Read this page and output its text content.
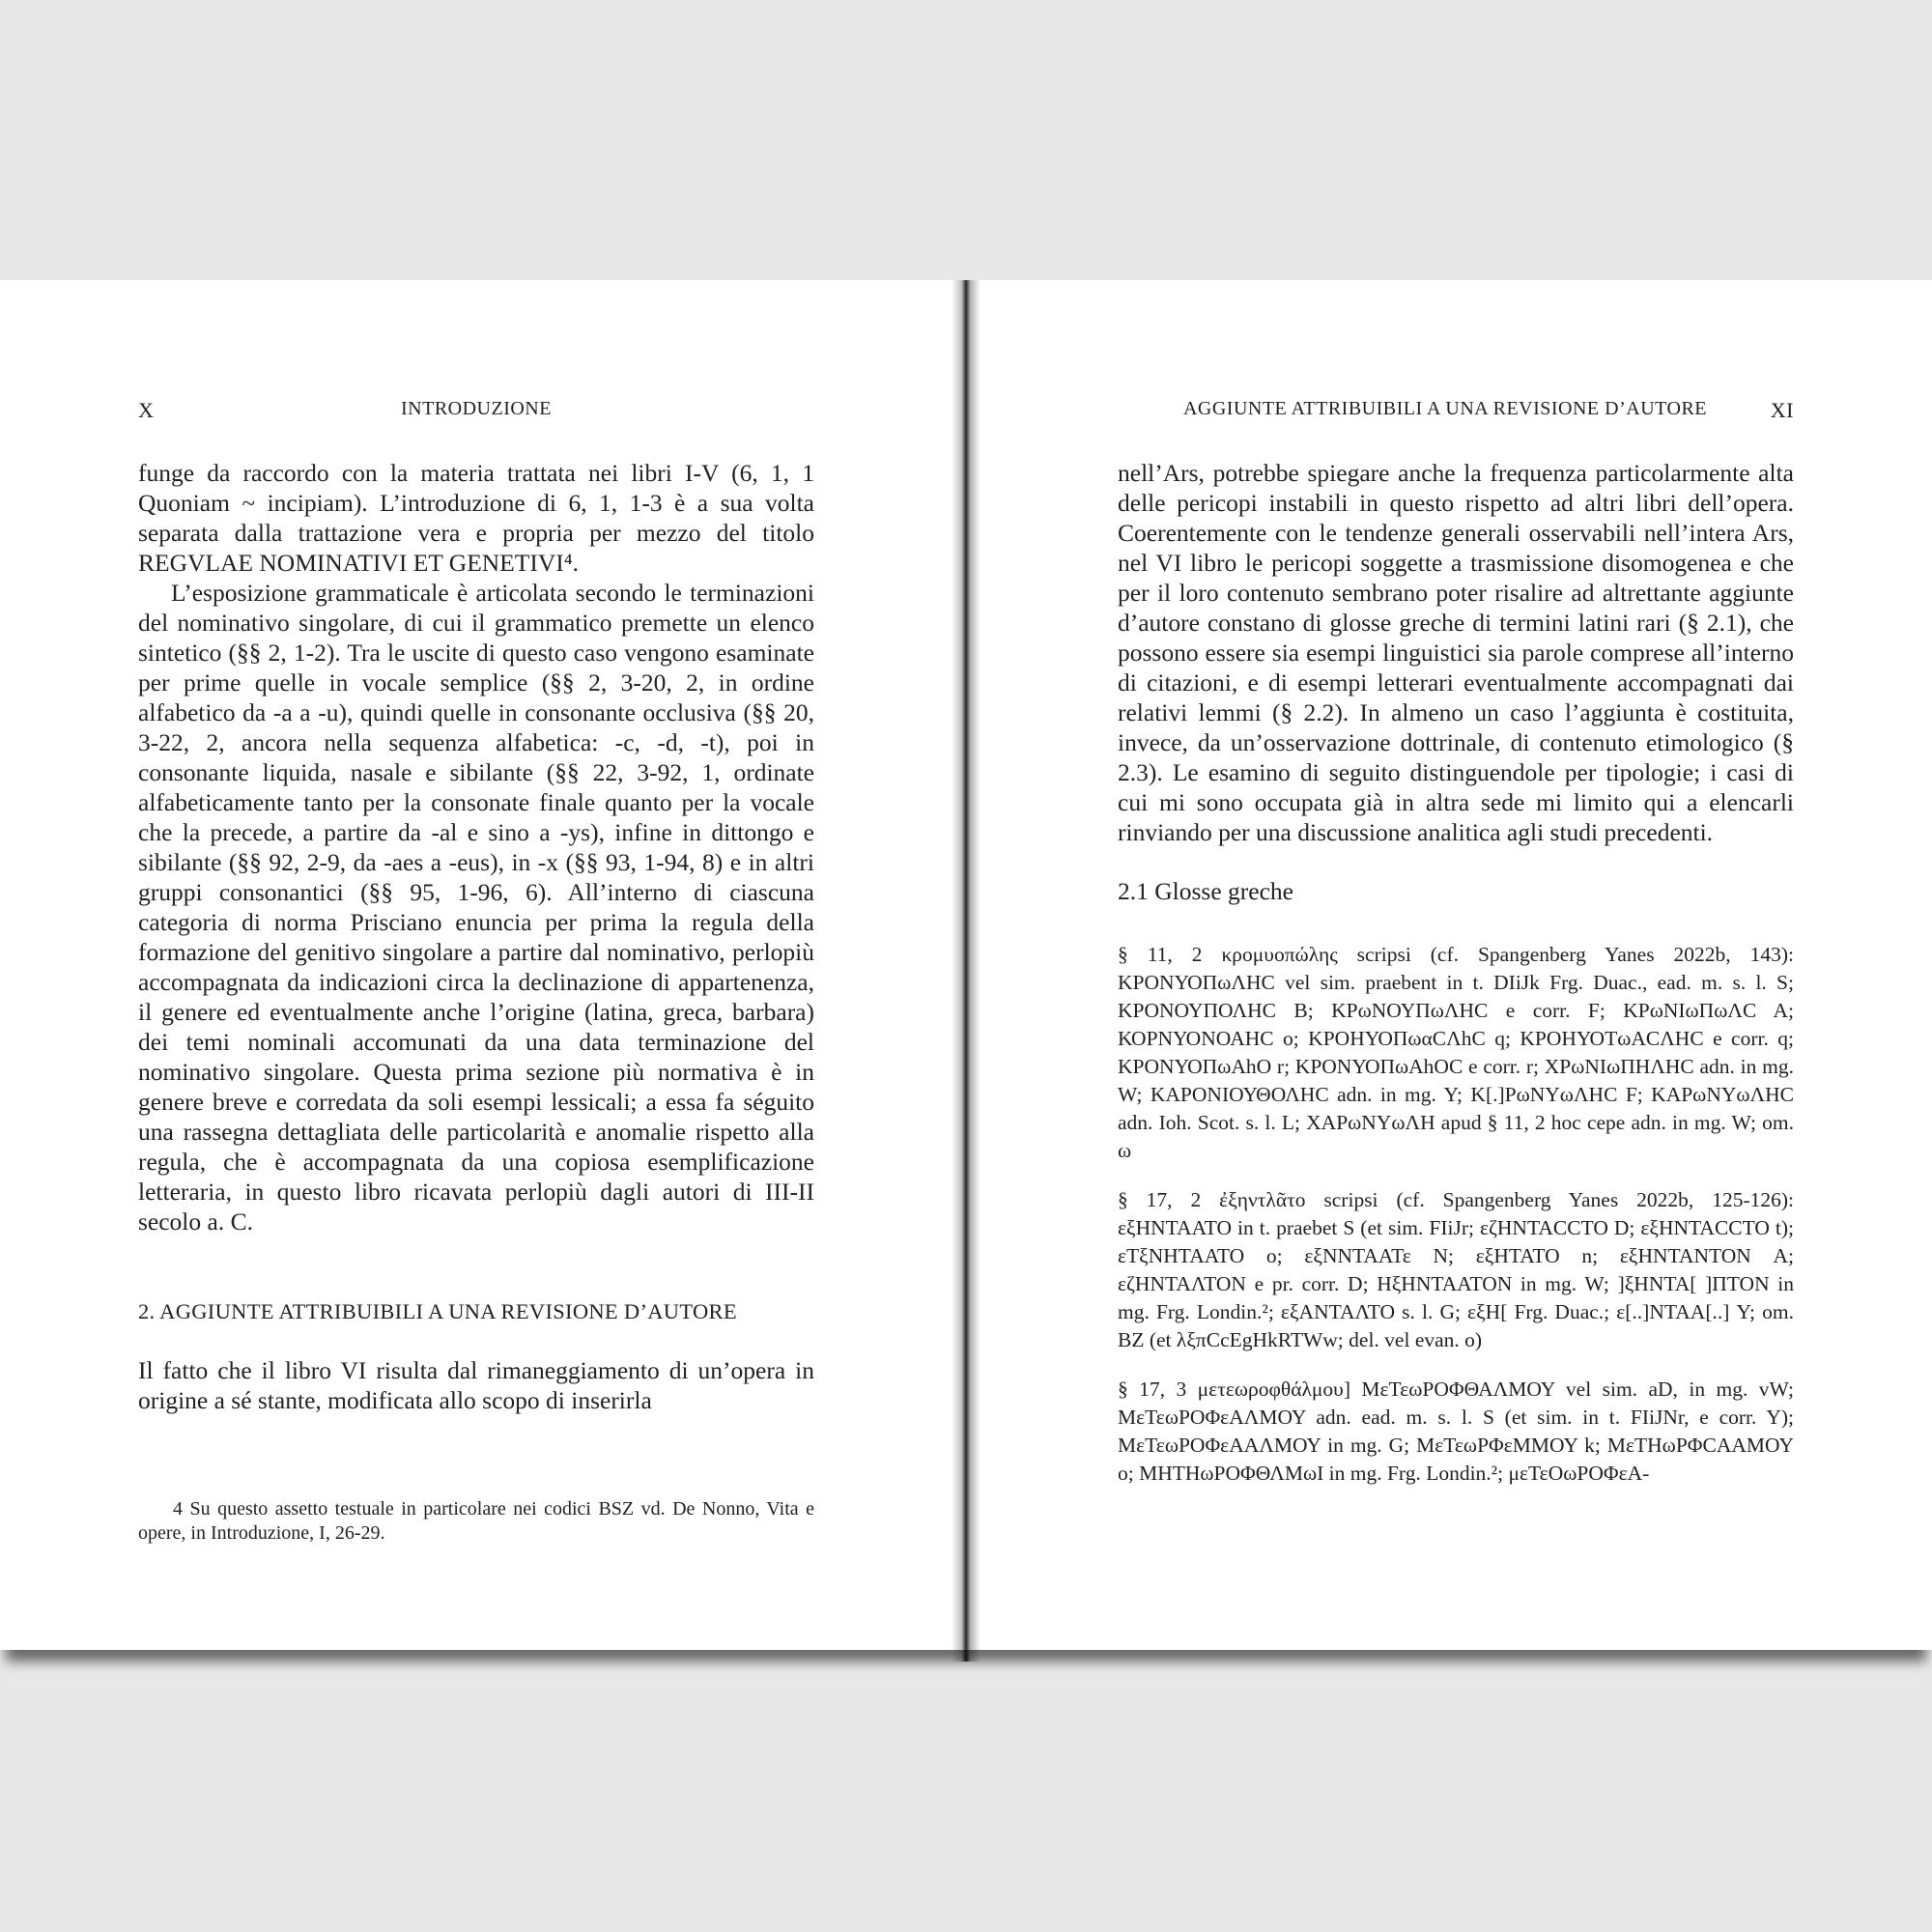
X	INTRODUZIONE

funge da raccordo con la materia trattata nei libri I-V (6, 1, 1 Quoniam ~ incipiam). L’introduzione di 6, 1, 1-3 è a sua volta separata dalla trattazione vera e propria per mezzo del titolo REGVLAE NOMINATIVI ET GENETIVI⁴.

L’esposizione grammaticale è articolata secondo le terminazioni del nominativo singolare, di cui il grammatico premette un elenco sintetico (§§ 2, 1-2). Tra le uscite di questo caso vengono esaminate per prime quelle in vocale semplice (§§ 2, 3-20, 2, in ordine alfabetico da -a a -u), quindi quelle in consonante occlusiva (§§ 20, 3-22, 2, ancora nella sequenza alfabetica: -c, -d, -t), poi in consonante liquida, nasale e sibilante (§§ 22, 3-92, 1, ordinate alfabeticamente tanto per la consonate finale quanto per la vocale che la precede, a partire da -al e sino a -ys), infine in dittongo e sibilante (§§ 92, 2-9, da -aes a -eus), in -x (§§ 93, 1-94, 8) e in altri gruppi consonantici (§§ 95, 1-96, 6). All’interno di ciascuna categoria di norma Prisciano enuncia per prima la regula della formazione del genitivo singolare a partire dal nominativo, perlopiù accompagnata da indicazioni circa la declinazione di appartenenza, il genere ed eventualmente anche l’origine (latina, greca, barbara) dei temi nominali accomunati da una data terminazione del nominativo singolare. Questa prima sezione più normativa è in genere breve e corredata da soli esempi lessicali; a essa fa séguito una rassegna dettagliata delle particolarità e anomalie rispetto alla regula, che è accompagnata da una copiosa esemplificazione letteraria, in questo libro ricavata perlopiù dagli autori di III-II secolo a. C.

2. AGGIUNTE ATTRIBUIBILI A UNA REVISIONE D’AUTORE

Il fatto che il libro VI risulta dal rimaneggiamento di un’opera in origine a sé stante, modificata allo scopo di inserirla

4 Su questo assetto testuale in particolare nei codici BSZ vd. De Nonno, Vita e opere, in Introduzione, I, 26-29.
AGGIUNTE ATTRIBUIBILI A UNA REVISIONE D’AUTORE	XI

nell’Ars, potrebbe spiegare anche la frequenza particolarmente alta delle pericopi instabili in questo rispetto ad altri libri dell’opera. Coerentemente con le tendenze generali osservabili nell’intera Ars, nel VI libro le pericopi soggette a trasmissione disomogenea e che per il loro contenuto sembrano poter risalire ad altrettante aggiunte d’autore constano di glosse greche di termini latini rari (§ 2.1), che possono essere sia esempi linguistici sia parole comprese all’interno di citazioni, e di esempi letterari eventualmente accompagnati dai relativi lemmi (§ 2.2). In almeno un caso l’aggiunta è costituita, invece, da un’osservazione dottrinale, di contenuto etimologico (§ 2.3). Le esamino di seguito distinguendole per tipologie; i casi di cui mi sono occupata già in altra sede mi limito qui a elencarli rinviando per una discussione analitica agli studi precedenti.

2.1 Glosse greche

§ 11, 2 κρομυοπώλης scripsi (cf. Spangenberg Yanes 2022b, 143): ΚΡΟΝΥΟΠωΛΗC vel sim. praebent in t. DIiJk Frg. Duac., ead. m. s. l. S; ΚΡΟΝΟΥΠΟΛΗC B; ΚΡωΝΟΥΠωΛΗC e corr. F; ΚΡωΝΙωΠωΛC A; ΚΟΡΝΥΟΝΟΑΗC o; ΚΡΟΗΥΟΠωαCΛhC q; ΚΡΟΗΥΟΤωΑCΛΗC e corr. q; ΚΡΟΝΥΟΠωΑhΟ r; ΚΡΟΝΥΟΠωΑhΟC e corr. r; ΧΡωΝΙωΠΗΛΗC adn. in mg. W; ΚΑΡΟΝΙΟΥΘΟΛΗC adn. in mg. Y; Κ[.]ΡωΝΥωΛΗC F; ΚΑΡωΝΥωΛΗC adn. Ioh. Scot. s. l. L; ΧΑΡωΝΥωΛΗ apud § 11, 2 hoc cepe adn. in mg. W; om. ω

§ 17, 2 ἐξηντλᾶτο scripsi (cf. Spangenberg Yanes 2022b, 125-126): εξΗΝΤΑΑΤΟ in t. praebet S (et sim. FIiJr; εζΗΝΤΑCCΤΟ D; εξΗΝΤΑCCΤΟ t); εΤξΝΗΤΑΑΤΟ o; εξΝΝΤΑΑΤε N; εξΗΤΑΤΟ n; εξΗΝΤΑΝΤΟΝ A; εζΗΝΤΑΛΤΟΝ e pr. corr. D; ΗξΗΝΤΑΑΤΟΝ in mg. W; ]ξΗΝΤΑ[ ]ΠΤΟΝ in mg. Frg. Londin.²; εξΑΝΤΑΛΤΟ s. l. G; εξΗ[ Frg. Duac.; ε[..]ΝΤΑΑ[..] Y; om. BZ (et λξπCcEgHkRTWw; del. vel evan. o)

§ 17, 3 μετεωροφθάλμου] ΜεΤεωΡΟΦΘΑΛΜΟΥ vel sim. aD, in mg. vW; ΜεΤεωΡΟΦεΑΛΜΟΥ adn. ead. m. s. l. S (et sim. in t. FIiJNr, e corr. Y); ΜεΤεωΡΟΦεΑΑΛΜΟΥ in mg. G; ΜεΤεωΡΦεΜΜΟΥ k; ΜεΤΗωΡΦCΑΑΜΟΥ o; ΜΗΤΗωΡΟΦΘΛΜωΙ in mg. Frg. Londin.²; μεΤεΟωΡΟΦεΑ-
